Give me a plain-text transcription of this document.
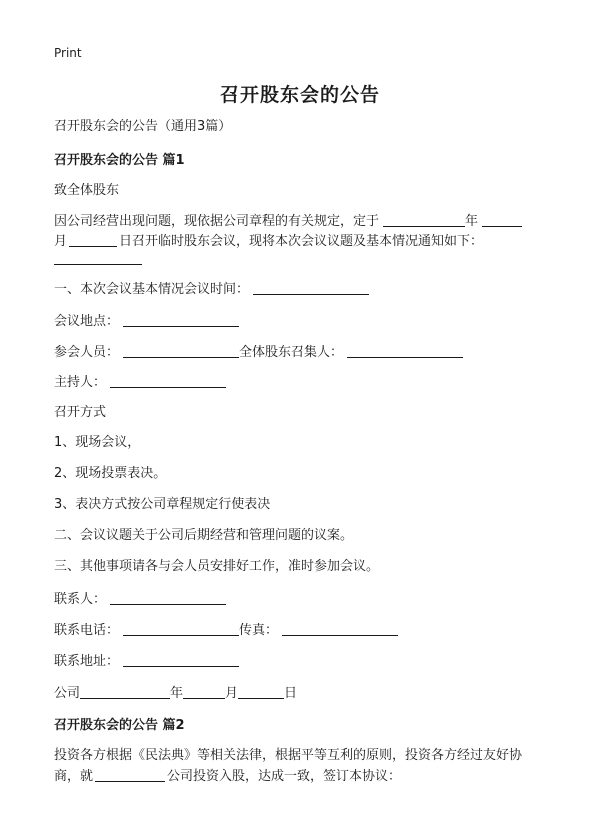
Print
召开股东会的公告
召开股东会的公告（通用3篇）
召开股东会的公告 篇1
致全体股东
因公司经营出现问题，现依据公司章程的有关规定，定于	年
月	日召开临时股东会议，现将本次会议议题及基本情况通知如下：
一、本次会议基本情况会议时间：
会议地点：
参会人员：	全体股东召集人：
主持人：
召开方式
1、现场会议，
2、现场投票表决。
3、表决方式按公司章程规定行使表决
二、会议议题关于公司后期经营和管理问题的议案。
三、其他事项请各与会人员安排好工作，准时参加会议。
联系人：
联系电话：	传真：
联系地址：
公司	年	月	日
召开股东会的公告 篇2
投资各方根据《民法典》等相关法律，根据平等互利的原则，投资各方经过友好协
商，就	公司投资入股，达成一致，签订本协议：
